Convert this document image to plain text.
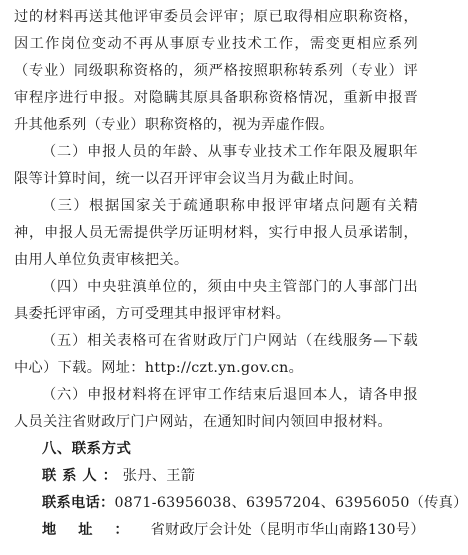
过的材料再送其他评审委员会评审；原已取得相应职称资格，因工作岗位变动不再从事原专业技术工作，需变更相应系列（专业）同级职称资格的，须严格按照职称转系列（专业）评审程序进行申报。对隐瞒其原具备职称资格情况，重新申报晋升其他系列（专业）职称资格的，视为弄虚作假。

（二）申报人员的年龄、从事专业技术工作年限及履职年限等计算时间，统一以召开评审会议当月为截止时间。

（三）根据国家关于疏通职称申报评审堵点问题有关精神，申报人员无需提供学历证明材料，实行申报人员承诺制，由用人单位负责审核把关。

（四）中央驻滇单位的，须由中央主管部门的人事部门出具委托评审函，方可受理其申报评审材料。

（五）相关表格可在省财政厅门户网站（在线服务—下载中心）下载。网址：http://czt.yn.gov.cn。

（六）申报材料将在评审工作结束后退回本人，请各申报人员关注省财政厅门户网站，在通知时间内领回申报材料。

八、联系方式

联系人：张丹、王箭

联系电话：0871-63956038、63957204、63956050（传真）

地址：省财政厅会计处（昆明市华山南路130号）
